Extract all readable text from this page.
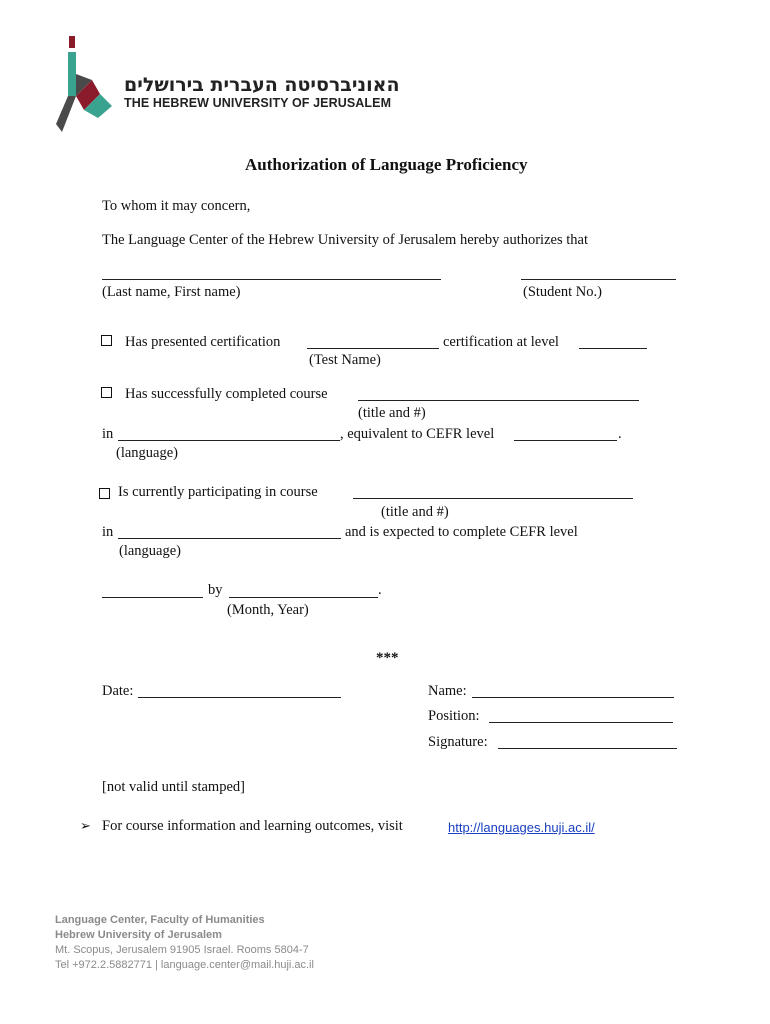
האוניברסיטה העברית בירושלים
THE HEBREW UNIVERSITY OF JERUSALEM
Authorization of Language Proficiency
To whom it may concern,
The Language Center of the Hebrew University of Jerusalem hereby authorizes that
(Last name, First name)	(Student No.)
Has presented certification	certification at level
(Test Name)
Has successfully completed course
(title and #)
in	, equivalent to CEFR level	.
(language)
Is currently participating in course
(title and #)
in	and is expected to complete CEFR level
(language)
by	.
(Month, Year)
***
Date:	Name:
Position:
Signature:
[not valid until stamped]
➢ For course information and learning outcomes, visit	http://languages.huji.ac.il/
Language Center, Faculty of Humanities
Hebrew University of Jerusalem
Mt. Scopus, Jerusalem 91905 Israel. Rooms 5804-7
Tel +972.2.5882771 | language.center@mail.huji.ac.il
